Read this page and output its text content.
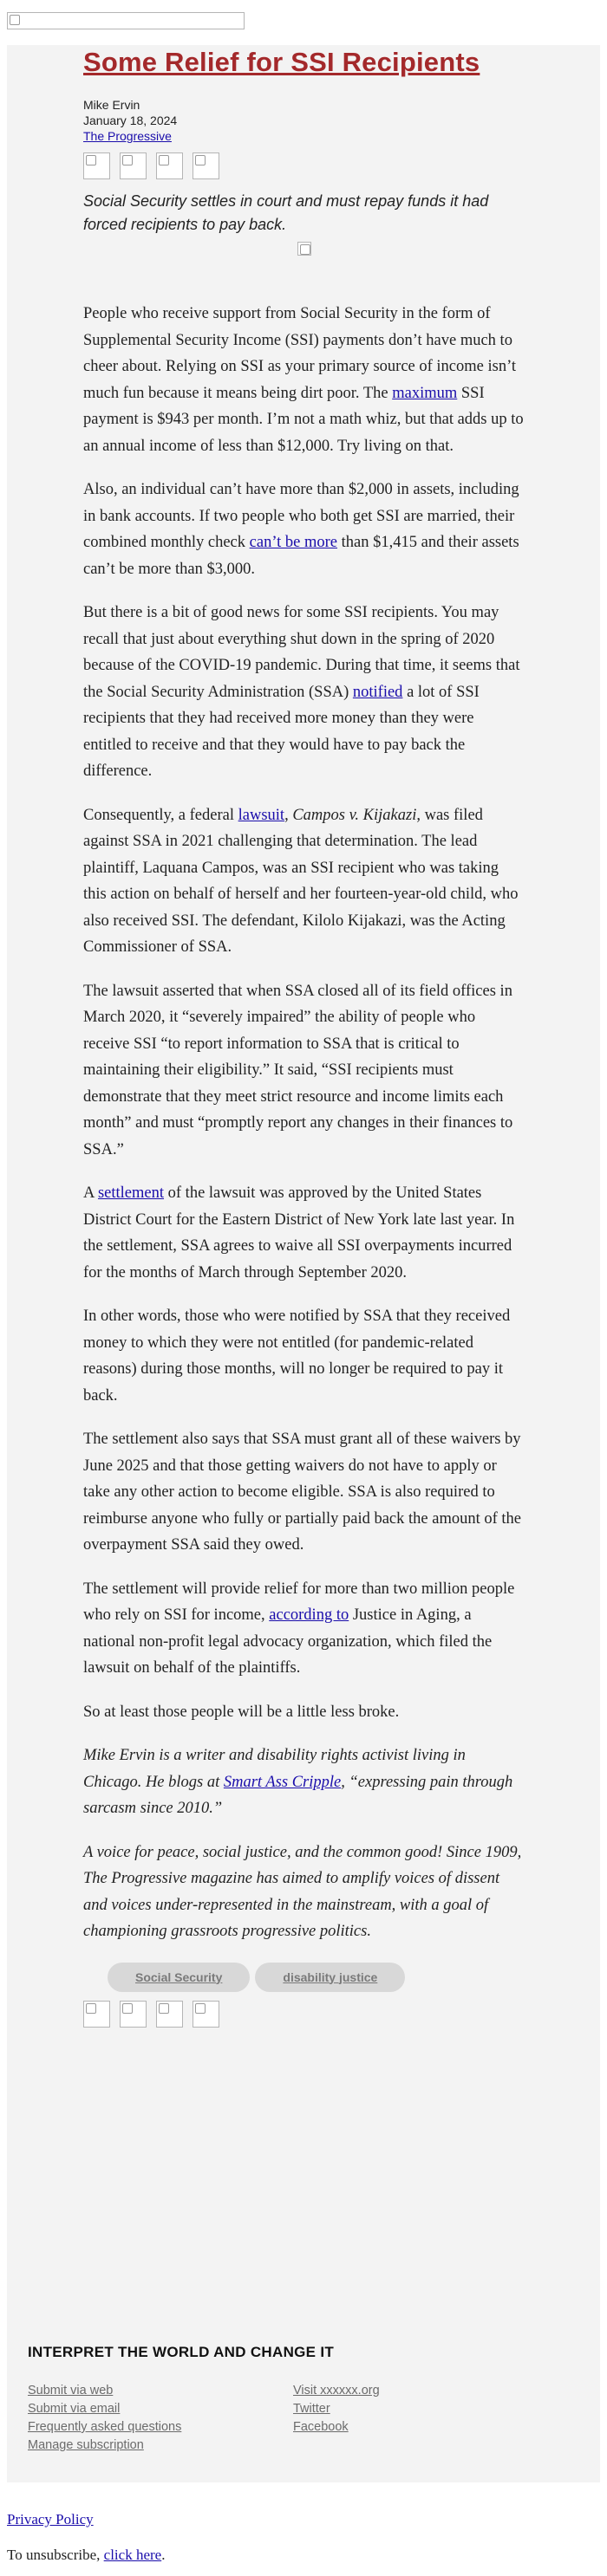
Some Relief for SSI Recipients
Mike Ervin
January 18, 2024
The Progressive
Social Security settles in court and must repay funds it had forced recipients to pay back.

People who receive support from Social Security in the form of Supplemental Security Income (SSI) payments don’t have much to cheer about. Relying on SSI as your primary source of income isn’t much fun because it means being dirt poor. The maximum SSI payment is $943 per month. I’m not a math whiz, but that adds up to an annual income of less than $12,000. Try living on that.

Also, an individual can’t have more than $2,000 in assets, including in bank accounts. If two people who both get SSI are married, their combined monthly check can’t be more than $1,415 and their assets can’t be more than $3,000.

But there is a bit of good news for some SSI recipients. You may recall that just about everything shut down in the spring of 2020 because of the COVID-19 pandemic. During that time, it seems that the Social Security Administration (SSA) notified a lot of SSI recipients that they had received more money than they were entitled to receive and that they would have to pay back the difference.

Consequently, a federal lawsuit, Campos v. Kijakazi, was filed against SSA in 2021 challenging that determination. The lead plaintiff, Laquana Campos, was an SSI recipient who was taking this action on behalf of herself and her fourteen-year-old child, who also received SSI. The defendant, Kilolo Kijakazi, was the Acting Commissioner of SSA.

The lawsuit asserted that when SSA closed all of its field offices in March 2020, it “severely impaired” the ability of people who receive SSI “to report information to SSA that is critical to maintaining their eligibility.” It said, “SSI recipients must demonstrate that they meet strict resource and income limits each month” and must “promptly report any changes in their finances to SSA.”

A settlement of the lawsuit was approved by the United States District Court for the Eastern District of New York late last year. In the settlement, SSA agrees to waive all SSI overpayments incurred for the months of March through September 2020.

In other words, those who were notified by SSA that they received money to which they were not entitled (for pandemic-related reasons) during those months, will no longer be required to pay it back.

The settlement also says that SSA must grant all of these waivers by June 2025 and that those getting waivers do not have to apply or take any other action to become eligible. SSA is also required to reimburse anyone who fully or partially paid back the amount of the overpayment SSA said they owed.

The settlement will provide relief for more than two million people who rely on SSI for income, according to Justice in Aging, a national non-profit legal advocacy organization, which filed the lawsuit on behalf of the plaintiffs.

So at least those people will be a little less broke.

Mike Ervin is a writer and disability rights activist living in Chicago. He blogs at Smart Ass Cripple, “expressing pain through sarcasm since 2010.”

A voice for peace, social justice, and the common good! Since 1909, The Progressive magazine has aimed to amplify voices of dissent and voices under-represented in the mainstream, with a goal of championing grassroots progressive politics.

Social Security	disability justice
INTERPRET THE WORLD AND CHANGE IT
Submit via web
Submit via email
Frequently asked questions
Manage subscription
Visit xxxxxx.org
Twitter
Facebook
Privacy Policy
To unsubscribe, click here.
